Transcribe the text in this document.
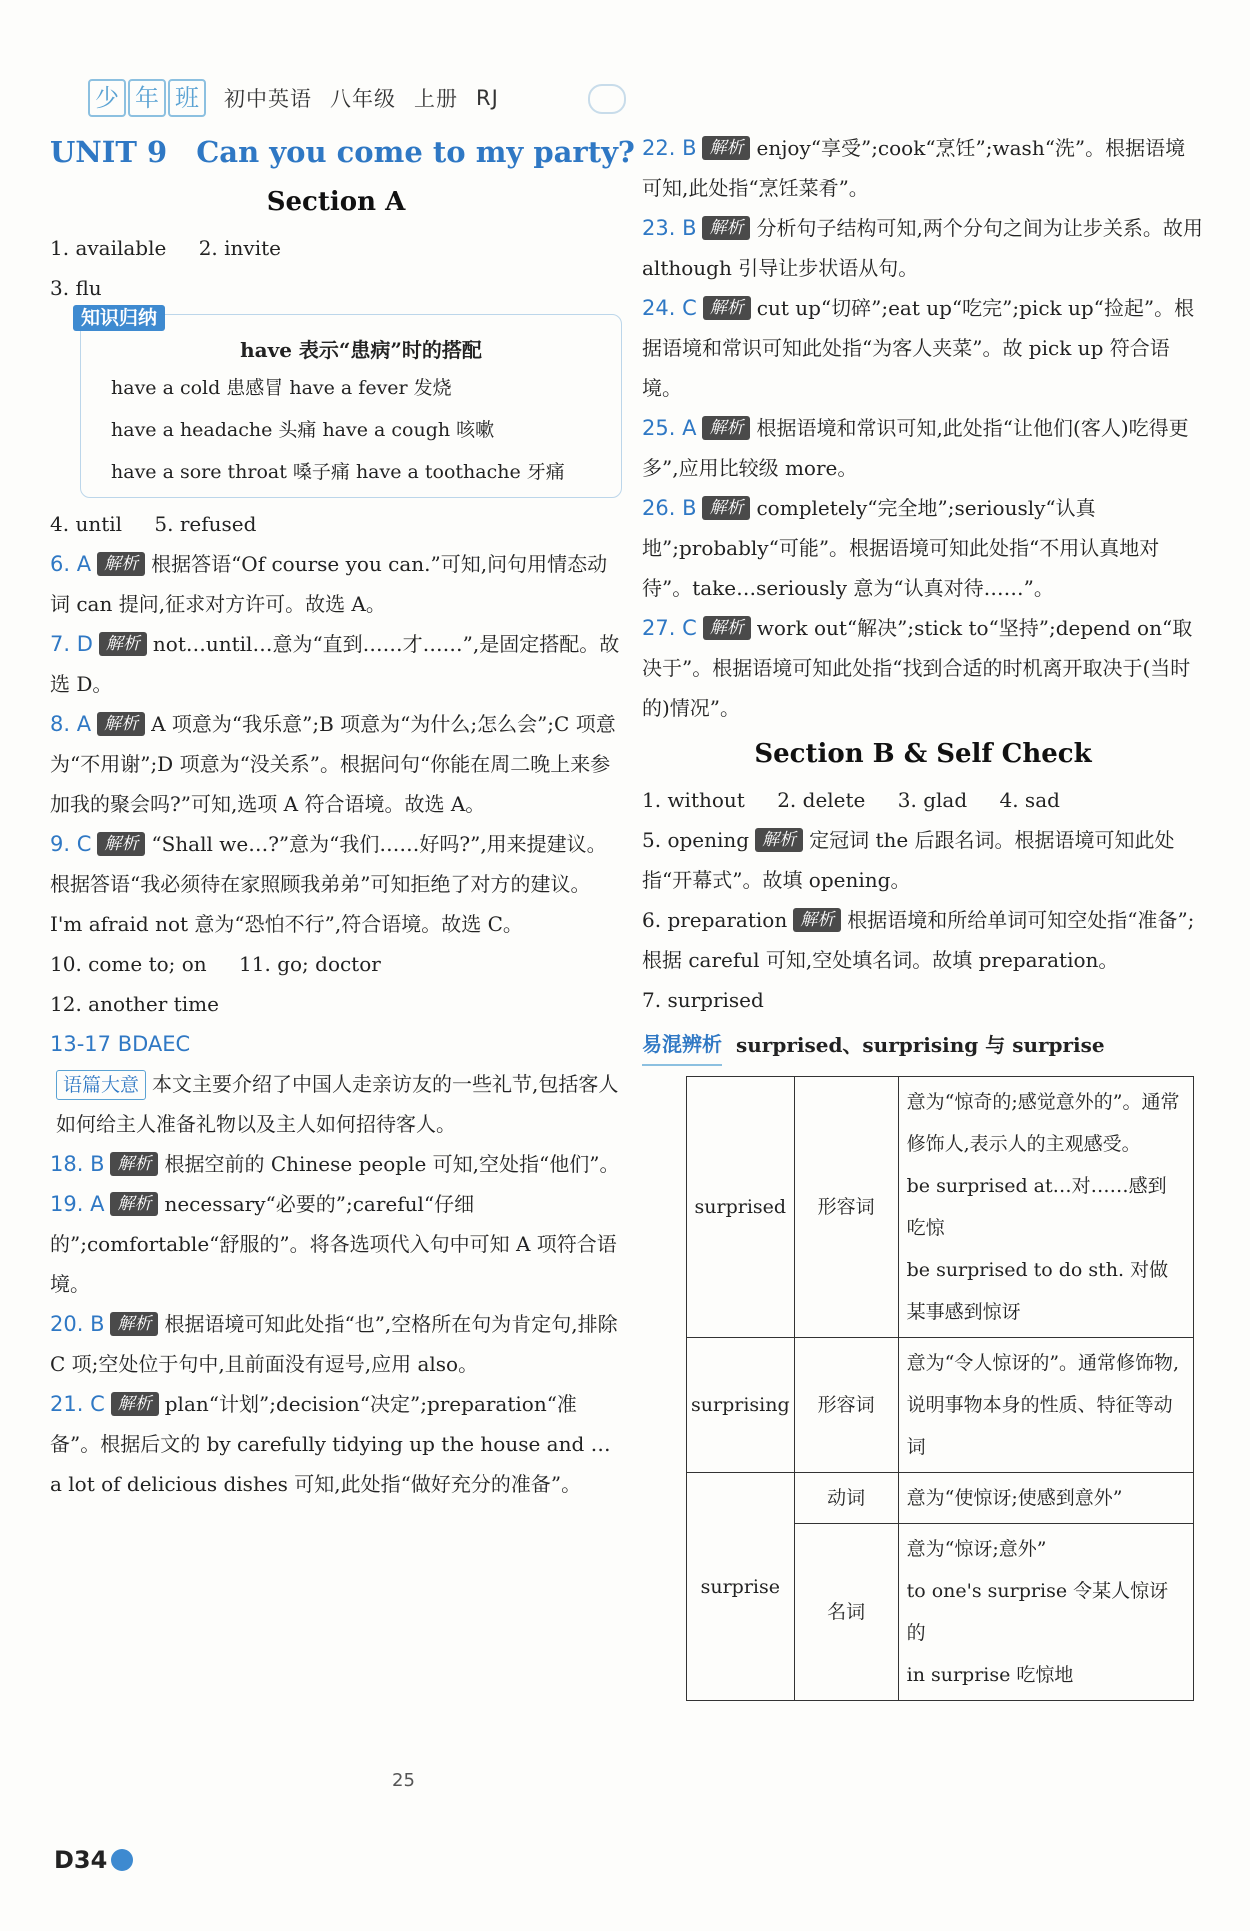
少 年 班	初中英语 八年级 上册 RJ
UNIT 9　Can you come to my party?
Section A
1. available 2. invite
3. flu
知识归纳
have 表示“患病”时的搭配
have a cold 患感冒 have a fever 发烧
have a headache 头痛 have a cough 咳嗽
have a sore throat 嗓子痛 have a toothache 牙痛
4. until 5. refused
6. A 解析 根据答语“Of course you can.”可知,问句用情态动词 can 提问,征求对方许可。故选 A。
7. D 解析 not…until…意为“直到……才……”,是固定搭配。故选 D。
8. A 解析 A 项意为“我乐意”;B 项意为“为什么;怎么会”;C 项意为“不用谢”;D 项意为“没关系”。根据问句“你能在周二晚上来参加我的聚会吗?”可知,选项 A 符合语境。故选 A。
9. C 解析 “Shall we…?”意为“我们……好吗?”,用来提建议。根据答语“我必须待在家照顾我弟弟”可知拒绝了对方的建议。I'm afraid not 意为“恐怕不行”,符合语境。故选 C。
10. come to; on 11. go; doctor
12. another time
13-17 BDAEC
语篇大意 本文主要介绍了中国人走亲访友的一些礼节,包括客人如何给主人准备礼物以及主人如何招待客人。
18. B 解析 根据空前的 Chinese people 可知,空处指“他们”。
19. A 解析 necessary“必要的”;careful“仔细的”;comfortable“舒服的”。将各选项代入句中可知 A 项符合语境。
20. B 解析 根据语境可知此处指“也”,空格所在句为肯定句,排除 C 项;空处位于句中,且前面没有逗号,应用 also。
21. C 解析 plan“计划”;decision“决定”;preparation“准备”。根据后文的 by carefully tidying up the house and … a lot of delicious dishes 可知,此处指“做好充分的准备”。
22. B 解析 enjoy“享受”;cook“烹饪”;wash“洗”。根据语境可知,此处指“烹饪菜肴”。
23. B 解析 分析句子结构可知,两个分句之间为让步关系。故用 although 引导让步状语从句。
24. C 解析 cut up“切碎”;eat up“吃完”;pick up“捡起”。根据语境和常识可知此处指“为客人夹菜”。故 pick up 符合语境。
25. A 解析 根据语境和常识可知,此处指“让他们(客人)吃得更多”,应用比较级 more。
26. B 解析 completely“完全地”;seriously“认真地”;probably“可能”。根据语境可知此处指“不用认真地对待”。take…seriously 意为“认真对待……”。
27. C 解析 work out“解决”;stick to“坚持”;depend on“取决于”。根据语境可知此处指“找到合适的时机离开取决于(当时的)情况”。
Section B & Self Check
1. without 2. delete 3. glad 4. sad
5. opening 解析 定冠词 the 后跟名词。根据语境可知此处指“开幕式”。故填 opening。
6. preparation 解析 根据语境和所给单词可知空处指“准备”;根据 careful 可知,空处填名词。故填 preparation。
7. surprised
易混辨析 surprised、surprising 与 surprise
surprised	形容词	意为“惊奇的;感觉意外的”。通常修饰人,表示人的主观感受。
be surprised at…对……感到吃惊
be surprised to do sth. 对做某事感到惊讶

surprising	形容词	意为“令人惊讶的”。通常修饰物,说明事物本身的性质、特征等动词
surprise	动词	意为“使惊讶;使感到意外”
	名词	意为“惊讶;意外”
to one's surprise 令某人惊讶的
in surprise 吃惊地
25
D34
